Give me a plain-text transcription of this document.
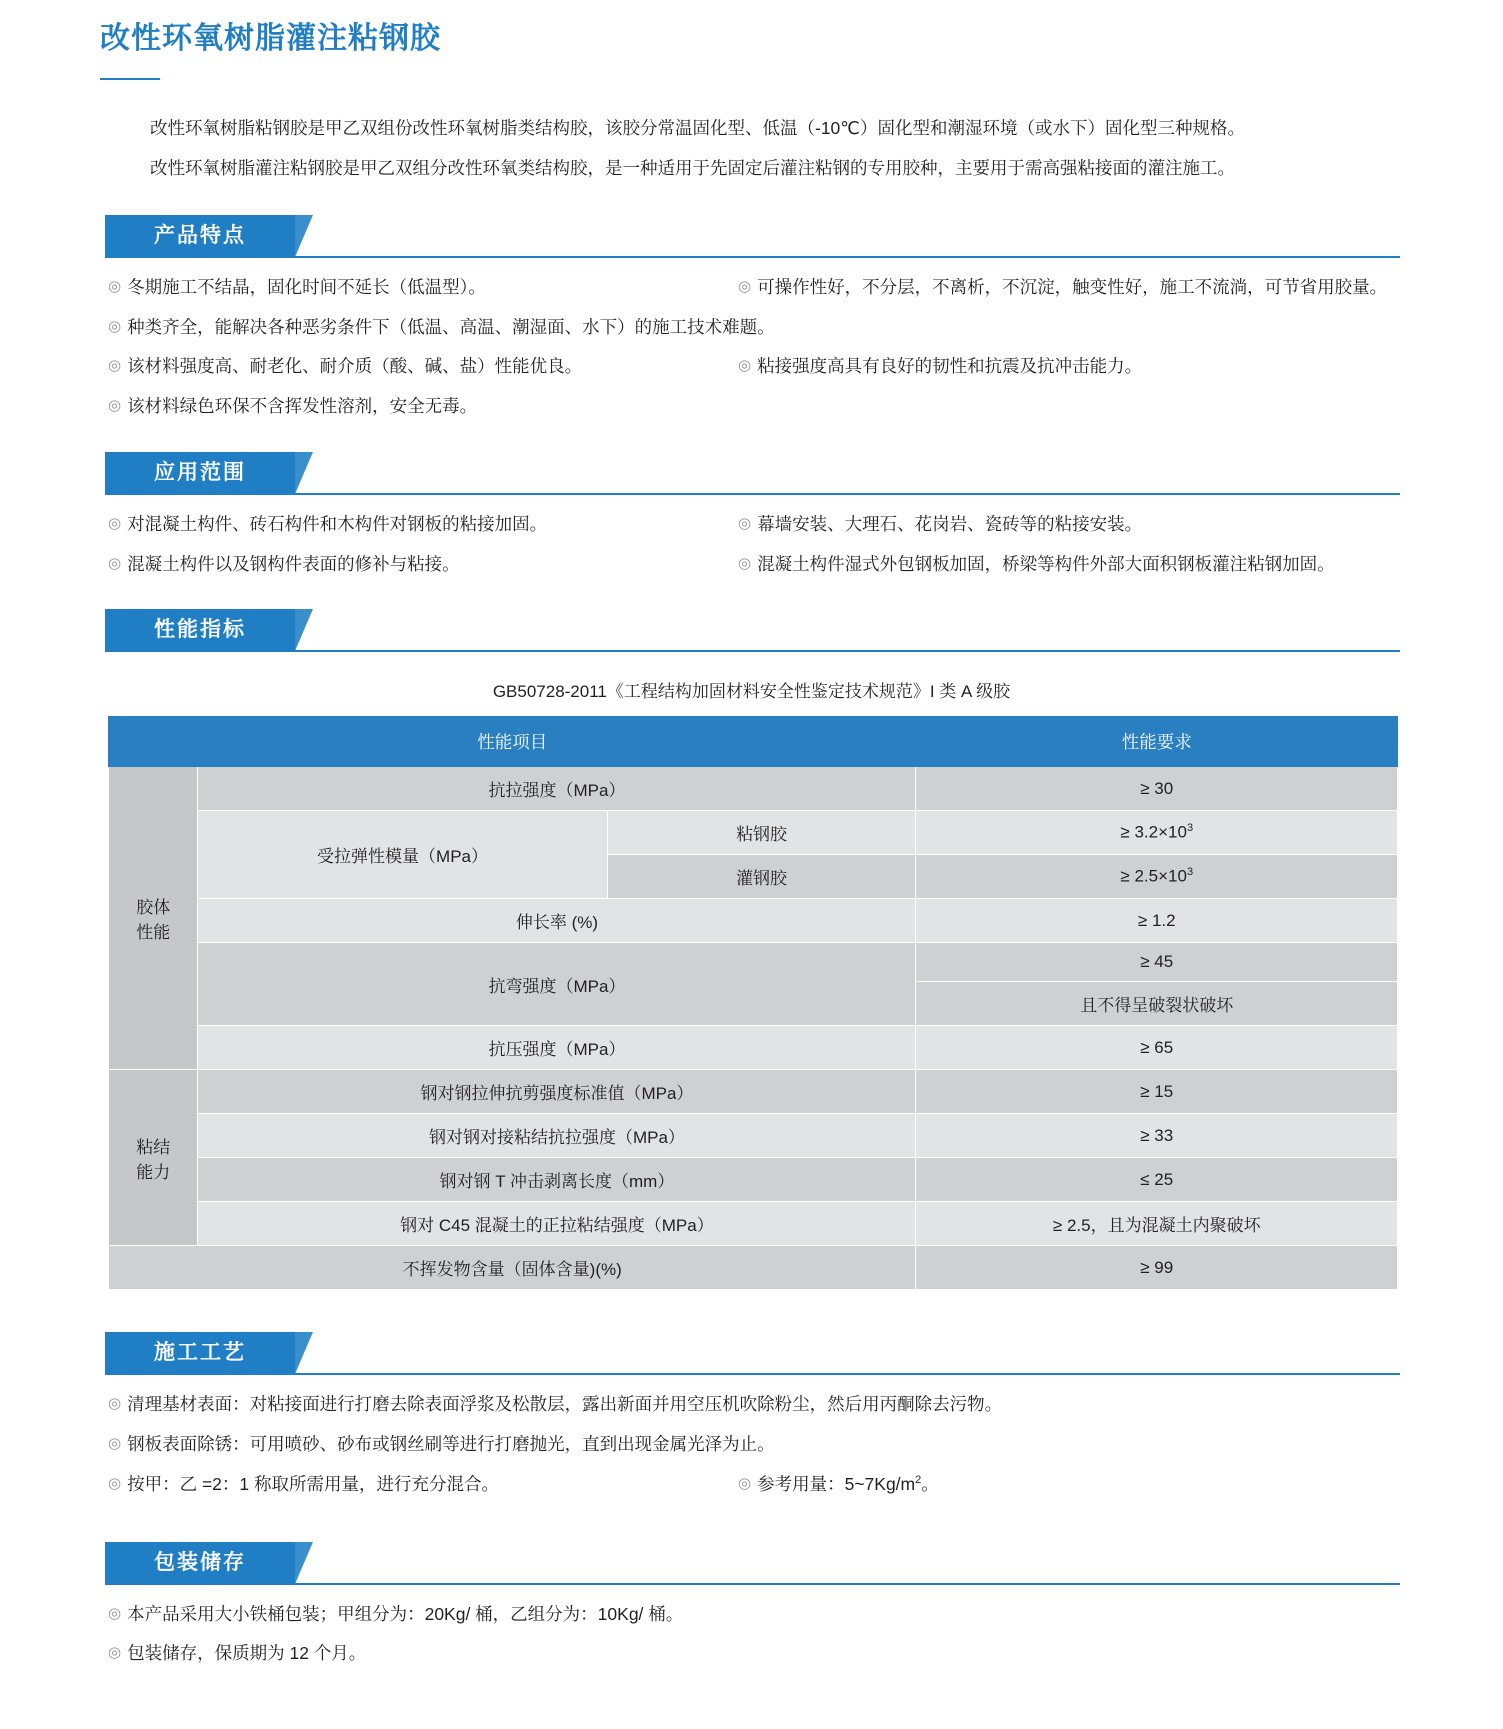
改性环氧树脂灌注粘钢胶

改性环氧树脂粘钢胶是甲乙双组份改性环氧树脂类结构胶，该胶分常温固化型、低温（-10℃）固化型和潮湿环境（或水下）固化型三种规格。

改性环氧树脂灌注粘钢胶是甲乙双组分改性环氧类结构胶，是一种适用于先固定后灌注粘钢的专用胶种，主要用于需高强粘接面的灌注施工。

产品特点
◎ 冬期施工不结晶，固化时间不延长（低温型）。	◎ 可操作性好，不分层，不离析，不沉淀，触变性好，施工不流淌，可节省用胶量。
◎ 种类齐全，能解决各种恶劣条件下（低温、高温、潮湿面、水下）的施工技术难题。
◎ 该材料强度高、耐老化、耐介质（酸、碱、盐）性能优良。	◎ 粘接强度高具有良好的韧性和抗震及抗冲击能力。
◎ 该材料绿色环保不含挥发性溶剂，安全无毒。
应用范围
◎ 对混凝土构件、砖石构件和木构件对钢板的粘接加固。	◎ 幕墙安装、大理石、花岗岩、瓷砖等的粘接安装。
◎ 混凝土构件以及钢构件表面的修补与粘接。	◎ 混凝土构件湿式外包钢板加固，桥梁等构件外部大面积钢板灌注粘钢加固。
性能指标
GB50728-2011《工程结构加固材料安全性鉴定技术规范》I 类 A 级胶
性能项目			性能要求
胶体
性能	抗拉强度（MPa）		≥ 30
	受拉弹性模量（MPa）	粘钢胶	≥ $3.2\times 10^3$
		灌钢胶	≥ $2.5\times 10^3$
	伸长率 (%)		≥ 1.2
	抗弯强度（MPa）		≥ 45
			且不得呈破裂状破坏
	抗压强度（MPa）		≥ 65
粘结
能力	钢对钢拉伸抗剪强度标准值（MPa）		≥ 15
	钢对钢对接粘结抗拉强度（MPa）		≥ 33
	钢对钢 T 冲击剥离长度（mm）		≤ 25
	钢对 C45 混凝土的正拉粘结强度（MPa）		≥ 2.5，且为混凝土内聚破坏
不挥发物含量（固体含量)(%)			≥ 99
施工工艺
◎ 清理基材表面：对粘接面进行打磨去除表面浮浆及松散层，露出新面并用空压机吹除粉尘，然后用丙酮除去污物。
◎ 钢板表面除锈：可用喷砂、砂布或钢丝刷等进行打磨抛光，直到出现金属光泽为止。
◎ 按甲：乙 =2：1 称取所需用量，进行充分混合。	◎ 参考用量：$5\sim 7Kg/m^2$。
包装储存
◎ 本产品采用大小铁桶包装；甲组分为：20Kg/ 桶，乙组分为：10Kg/ 桶。
◎ 包装储存，保质期为 12 个月。
